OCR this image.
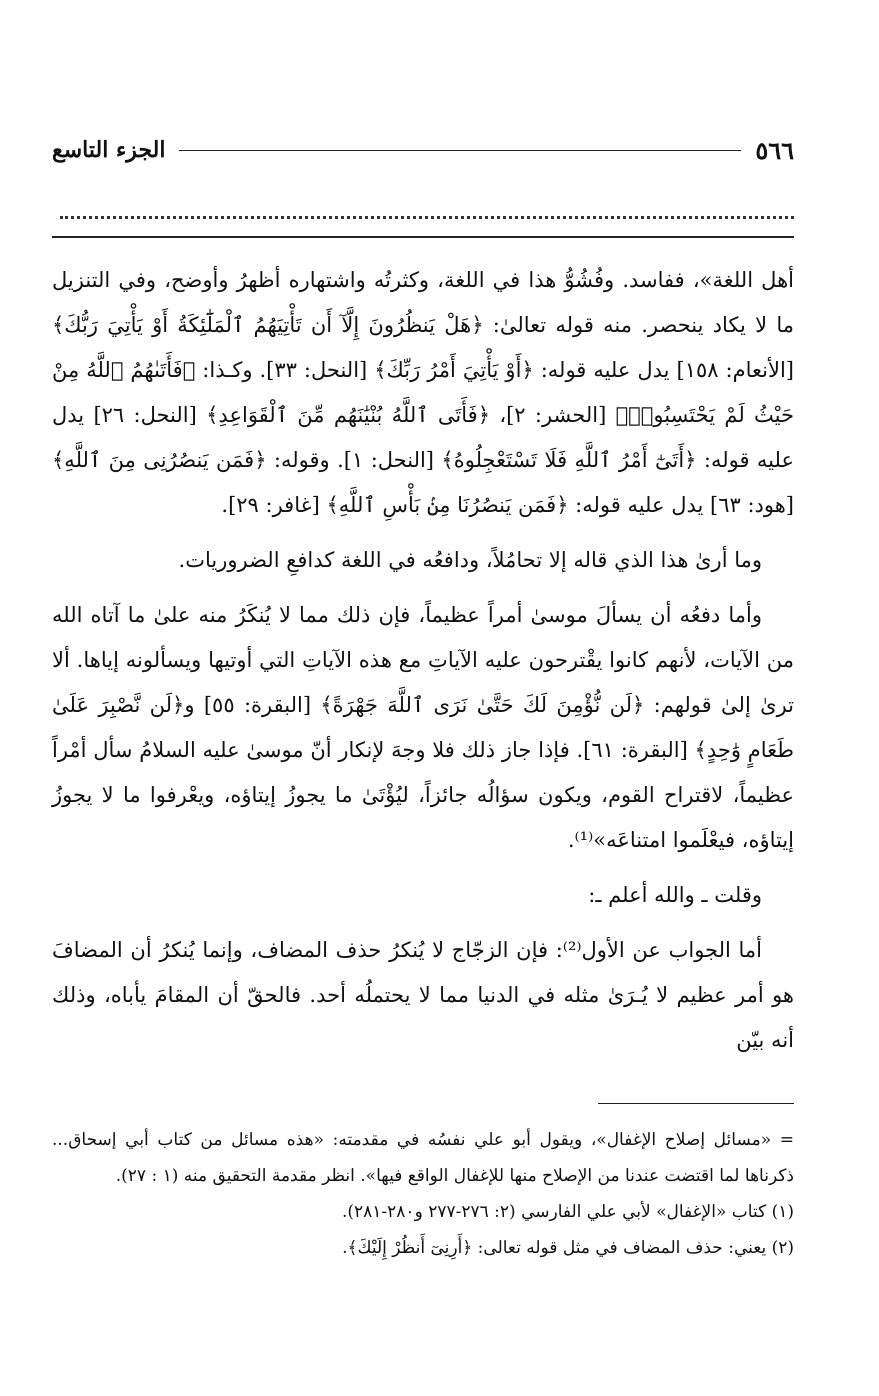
٥٦٦
الجزء التاسع

أهل اللغة»، ففاسد. وفُشُوُّ هذا في اللغة، وكثرتُه واشتهاره أظهرُ وأوضح، وفي التنزيل ما لا يكاد ينحصر. منه قوله تعالىٰ: ﴿هَلْ يَنظُرُونَ إِلَّآ أَن تَأْتِيَهُمُ ٱلْمَلَٰٓئِكَةُ أَوْ يَأْتِيَ رَبُّكَ﴾ [الأنعام: ١٥٨] يدل عليه قوله: ﴿أَوْ يَأْتِيَ أَمْرُ رَبِّكَ﴾ [النحل: ٣٣]. وكـذا: ﴿فَأَتَىٰهُمُ ٱللَّهُ مِنْ حَيْثُ لَمْ يَحْتَسِبُوا۟﴾ [الحشر: ٢]، ﴿فَأَتَى ٱللَّهُ بُنْيَٰنَهُم مِّنَ ٱلْقَوَاعِدِ﴾ [النحل: ٢٦] يدل عليه قوله: ﴿أَتَىٰٓ أَمْرُ ٱللَّهِ فَلَا تَسْتَعْجِلُوهُ﴾ [النحل: ١]. وقوله: ﴿فَمَن يَنصُرُنِى مِنَ ٱللَّهِ﴾ [هود: ٦٣] يدل عليه قوله: ﴿فَمَن يَنصُرُنَا مِنۢ بَأْسِ ٱللَّهِ﴾ [غافر: ٢٩].

وما أرىٰ هذا الذي قاله إلا تحامُلاً، ودافعُه في اللغة كدافعِ الضروريات.

وأما دفعُه أن يسألَ موسىٰ أمراً عظيماً، فإن ذلك مما لا يُنكَرُ منه علىٰ ما آتاه الله من الآيات، لأنهم كانوا يقْترحون عليه الآياتِ مع هذه الآياتِ التي أوتيها ويسألونه إياها. ألا ترىٰ إلىٰ قولهم: ﴿لَن نُّؤْمِنَ لَكَ حَتَّىٰ نَرَى ٱللَّهَ جَهْرَةً﴾ [البقرة: ٥٥] و﴿لَن نَّصْبِرَ عَلَىٰ طَعَامٍ وَٰحِدٍ﴾ [البقرة: ٦١]. فإذا جاز ذلك فلا وجهَ لإنكار أنّ موسىٰ عليه السلامُ سأل أمْراً عظيماً، لاقتراح القوم، ويكون سؤالُه جائزاً، ليُؤْتَىٰ ما يجوزُ إيتاؤه، ويعْرفوا ما لا يجوزُ إيتاؤه، فيعْلَموا امتناعَه»⁽¹⁾.

وقلت ـ والله أعلم ـ:

أما الجواب عن الأول⁽²⁾: فإن الزجّاج لا يُنكرُ حذف المضاف، وإنما يُنكرُ أن المضافَ هو أمر عظيم لا يُـرَىٰ مثله في الدنيا مما لا يحتملُه أحد. فالحقّ أن المقامَ يأباه، وذلك أنه بيّن

= «مسائل إصلاح الإغفال»، ويقول أبو علي نفسُه في مقدمته: «هذه مسائل من كتاب أبي إسحاق... ذكرناها لما اقتضت عندنا من الإصلاح منها للإغفال الواقع فيها». انظر مقدمة التحقيق منه (١ : ٢٧).

(١) كتاب «الإغفال» لأبي علي الفارسي (٢: ٢٧٦-٢٧٧ و٢٨٠-٢٨١).

(٢) يعني: حذف المضاف في مثل قوله تعالى: ﴿أَرِنِىٓ أَنظُرْ إِلَيْكَ﴾.
